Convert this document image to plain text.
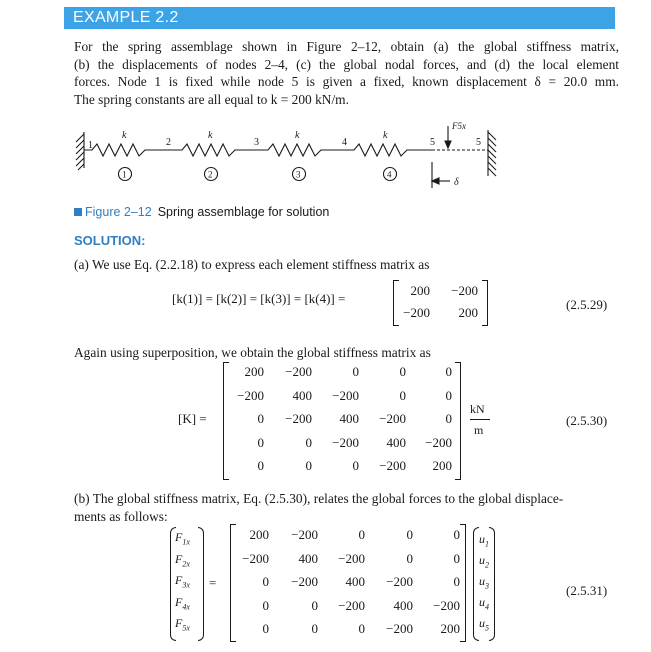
EXAMPLE 2.2
For the spring assemblage shown in Figure 2–12, obtain (a) the global stiffness matrix,
(b) the displacements of nodes 2–4, (c) the global nodal forces, and (d) the local element
forces. Node 1 is fixed while node 5 is given a fixed, known displacement δ = 20.0 mm.
The spring constants are all equal to k = 200 kN/m.
k	k	k	k
1	2	3	4	5	5
1	2	3	4
F5x
δ
Figure 2–12 Spring assemblage for solution
SOLUTION:
(a) We use Eq. (2.2.18) to express each element stiffness matrix as
[k(1)] = [k(2)] = [k(3)] = [k(4)] =
200	−200
−200	200
(2.5.29)
Again using superposition, we obtain the global stiffness matrix as
[K] =
200	−200	0	0	0
−200	400	−200	0	0
0	−200	400	−200	0
0	0	−200	400	−200
0	0	0	−200	200
kN
m
(2.5.30)
(b) The global stiffness matrix, Eq. (2.5.30), relates the global forces to the global displace-
ments as follows:
$F_{1x}$
$F_{2x}$
$F_{3x}$
$F_{4x}$
$F_{5x}$
=
200	−200	0	0	0
−200	400	−200	0	0
0	−200	400	−200	0
0	0	−200	400	−200
0	0	0	−200	200
$u_1$
$u_2$
$u_3$
$u_4$
$u_5$
(2.5.31)
